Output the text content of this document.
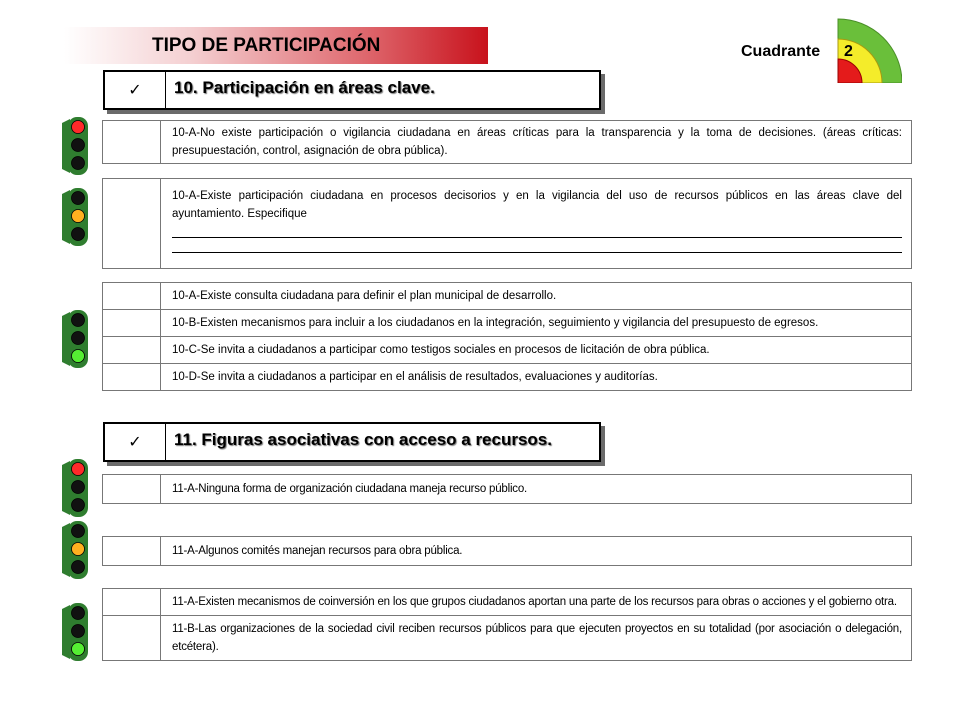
TIPO DE PARTICIPACIÓN	Cuadrante 2
✓	10. Participación en áreas clave.
✓	11. Figuras asociativas con acceso a recursos.
10-A-No existe participación o vigilancia ciudadana en áreas críticas para la transparencia y la toma de decisiones. (áreas críticas: presupuestación, control, asignación de obra pública).
10-A-Existe participación ciudadana en procesos decisorios y en la vigilancia del uso de recursos públicos en las áreas clave del ayuntamiento. Especifique
10-A-Existe consulta ciudadana para definir el plan municipal de desarrollo.
10-B-Existen mecanismos para incluir a los ciudadanos en la integración, seguimiento y vigilancia del presupuesto de egresos.
10-C-Se invita a ciudadanos a participar como testigos sociales en procesos de licitación de obra pública.
10-D-Se invita a ciudadanos a participar en el análisis de resultados, evaluaciones y auditorías.
11-A-Ninguna forma de organización ciudadana maneja recurso público.
11-A-Algunos comités manejan recursos para obra pública.
11-A-Existen mecanismos de coinversión en los que grupos ciudadanos aportan una parte de los recursos para obras o acciones y el gobierno otra.
11-B-Las organizaciones de la sociedad civil reciben recursos públicos para que ejecuten proyectos en su totalidad (por asociación o delegación, etcétera).
